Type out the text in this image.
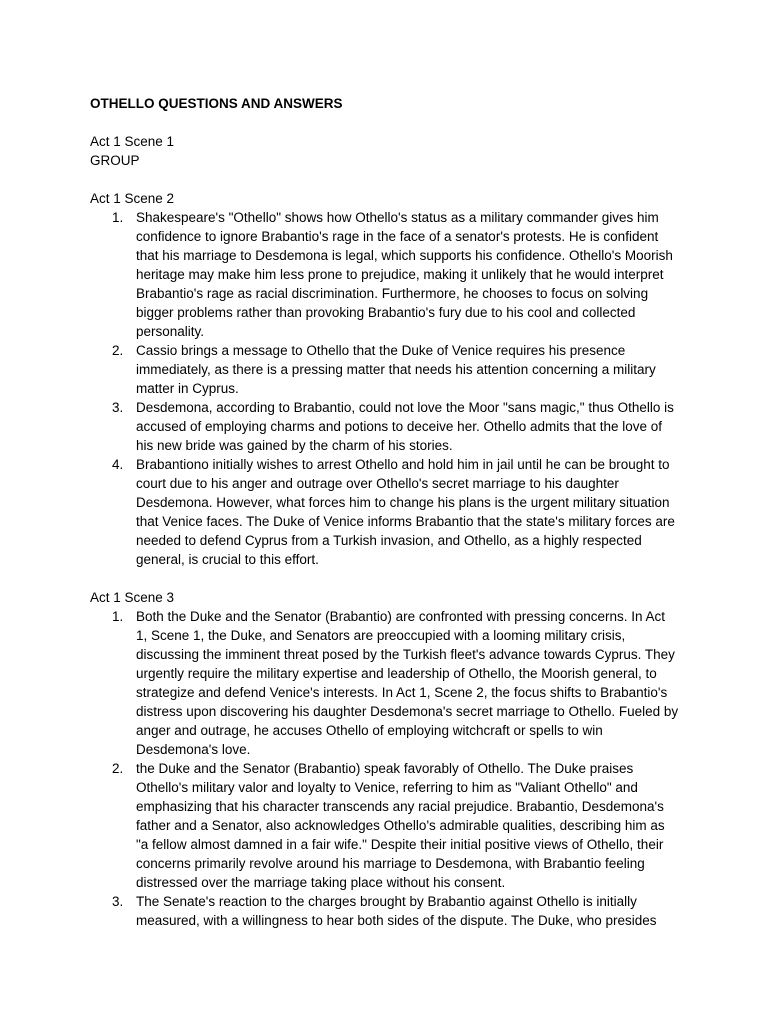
OTHELLO QUESTIONS AND ANSWERS
Act 1 Scene 1
GROUP
Act 1 Scene 2
1. Shakespeare's "Othello" shows how Othello's status as a military commander gives him confidence to ignore Brabantio's rage in the face of a senator's protests. He is confident that his marriage to Desdemona is legal, which supports his confidence. Othello's Moorish heritage may make him less prone to prejudice, making it unlikely that he would interpret Brabantio's rage as racial discrimination. Furthermore, he chooses to focus on solving bigger problems rather than provoking Brabantio's fury due to his cool and collected personality.
2. Cassio brings a message to Othello that the Duke of Venice requires his presence immediately, as there is a pressing matter that needs his attention concerning a military matter in Cyprus.
3. Desdemona, according to Brabantio, could not love the Moor "sans magic," thus Othello is accused of employing charms and potions to deceive her. Othello admits that the love of his new bride was gained by the charm of his stories.
4. Brabantiono initially wishes to arrest Othello and hold him in jail until he can be brought to court due to his anger and outrage over Othello's secret marriage to his daughter Desdemona. However, what forces him to change his plans is the urgent military situation that Venice faces. The Duke of Venice informs Brabantio that the state's military forces are needed to defend Cyprus from a Turkish invasion, and Othello, as a highly respected general, is crucial to this effort.
Act 1 Scene 3
1. Both the Duke and the Senator (Brabantio) are confronted with pressing concerns. In Act 1, Scene 1, the Duke, and Senators are preoccupied with a looming military crisis, discussing the imminent threat posed by the Turkish fleet's advance towards Cyprus. They urgently require the military expertise and leadership of Othello, the Moorish general, to strategize and defend Venice's interests. In Act 1, Scene 2, the focus shifts to Brabantio's distress upon discovering his daughter Desdemona's secret marriage to Othello. Fueled by anger and outrage, he accuses Othello of employing witchcraft or spells to win Desdemona's love.
2. the Duke and the Senator (Brabantio) speak favorably of Othello. The Duke praises Othello's military valor and loyalty to Venice, referring to him as "Valiant Othello" and emphasizing that his character transcends any racial prejudice. Brabantio, Desdemona's father and a Senator, also acknowledges Othello's admirable qualities, describing him as "a fellow almost damned in a fair wife." Despite their initial positive views of Othello, their concerns primarily revolve around his marriage to Desdemona, with Brabantio feeling distressed over the marriage taking place without his consent.
3. The Senate's reaction to the charges brought by Brabantio against Othello is initially measured, with a willingness to hear both sides of the dispute. The Duke, who presides
